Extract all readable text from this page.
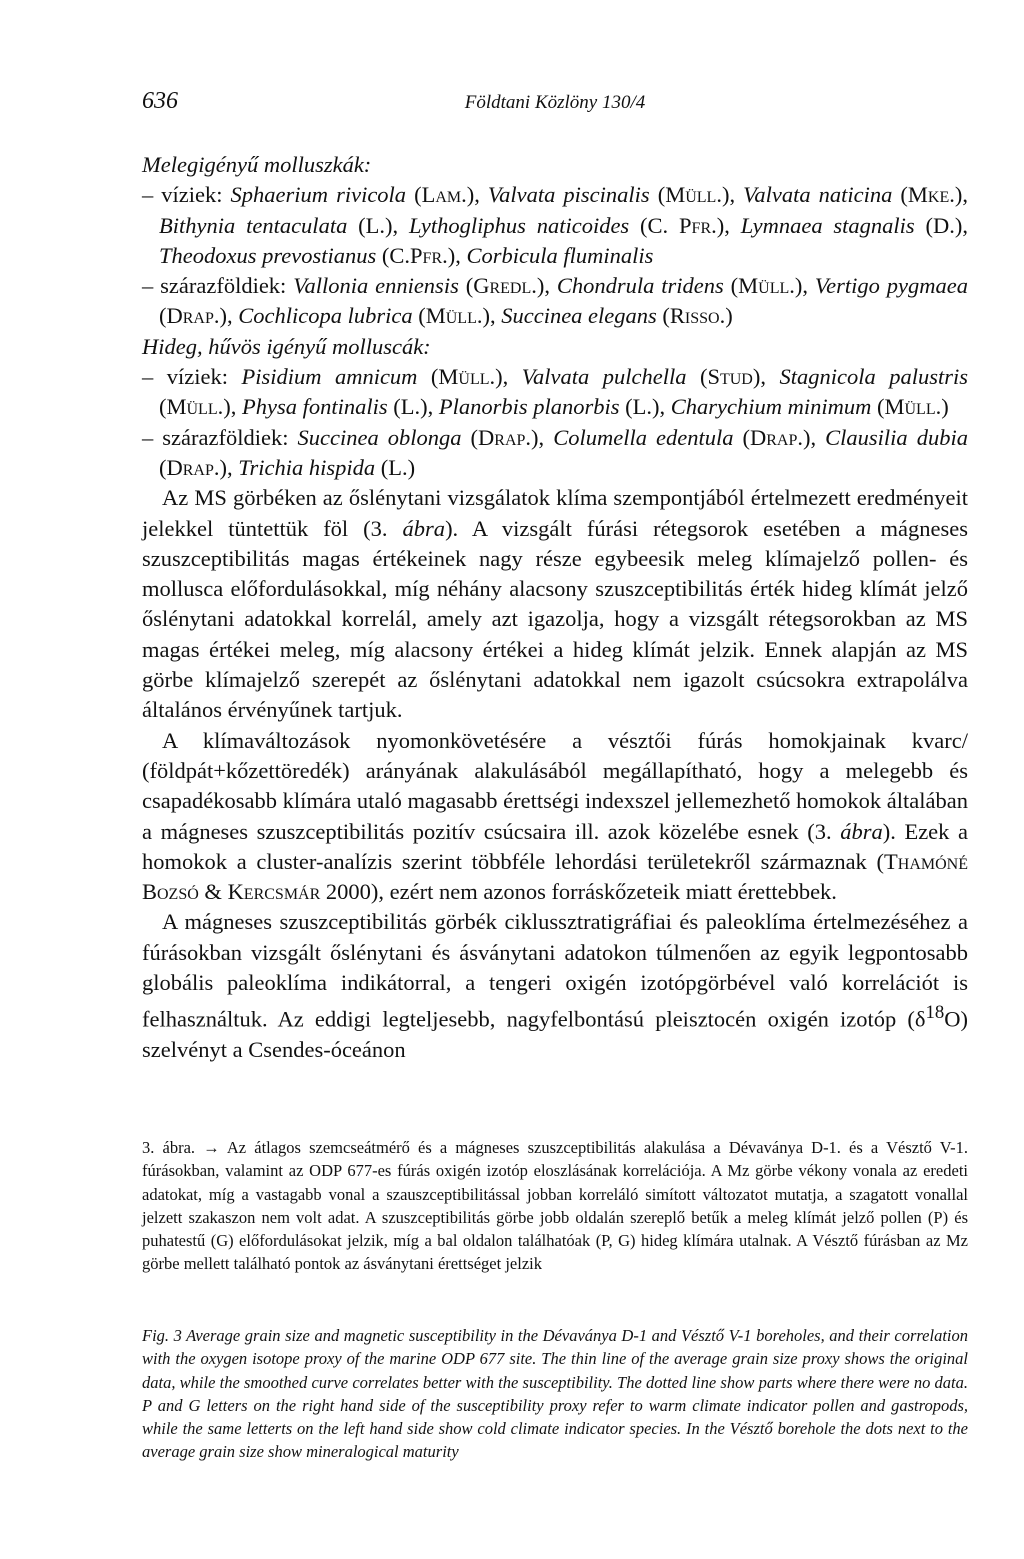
636	Földtani Közlöny 130/4

Melegigényű molluszkák:

– víziek: Sphaerium rivicola (Lam.), Valvata piscinalis (Müll.), Valvata naticina (Mke.), Bithynia tentaculata (L.), Lythogliphus naticoides (C. Pfr.), Lymnaea stagnalis (D.), Theodoxus prevostianus (C.Pfr.), Corbicula fluminalis

– szárazföldiek: Vallonia enniensis (Gredl.), Chondrula tridens (Müll.), Vertigo pygmaea (Drap.), Cochlicopa lubrica (Müll.), Succinea elegans (Risso.)

Hideg, hűvös igényű molluscák:

– víziek: Pisidium amnicum (Müll.), Valvata pulchella (Stud), Stagnicola palustris (Müll.), Physa fontinalis (L.), Planorbis planorbis (L.), Charychium minimum (Müll.)

– szárazföldiek: Succinea oblonga (Drap.), Columella edentula (Drap.), Clausilia dubia (Drap.), Trichia hispida (L.)

Az MS görbéken az őslénytani vizsgálatok klíma szempontjából értelmezett eredményeit jelekkel tüntettük föl (3. ábra). A vizsgált fúrási rétegsorok esetében a mágneses szuszceptibilitás magas értékeinek nagy része egybeesik meleg klímajelző pollen- és mollusca előfordulásokkal, míg néhány alacsony szuszceptibilitás érték hideg klímát jelző őslénytani adatokkal korrelál, amely azt igazolja, hogy a vizsgált rétegsorokban az MS magas értékei meleg, míg alacsony értékei a hideg klímát jelzik. Ennek alapján az MS görbe klímajelző szerepét az őslénytani adatokkal nem igazolt csúcsokra extrapolálva általános érvényűnek tartjuk.

A klímaváltozások nyomonkövetésére a vésztői fúrás homokjainak kvarc/ (földpát+kőzettöredék) arányának alakulásából megállapítható, hogy a melegebb és csapadékosabb klímára utaló magasabb érettségi indexszel jellemezhető homokok általában a mágneses szuszceptibilitás pozitív csúcsaira ill. azok közelébe esnek (3. ábra). Ezek a homokok a cluster-analízis szerint többféle lehordási területekről származnak (Thamóné Bozsó & Kercsmár 2000), ezért nem azonos forráskőzeteik miatt érettebbek.

A mágneses szuszceptibilitás görbék ciklussztratigráfiai és paleoklíma értelmezéséhez a fúrásokban vizsgált őslénytani és ásványtani adatokon túlmenően az egyik legpontosabb globális paleoklíma indikátorral, a tengeri oxigén izotópgörbével való korrelációt is felhasználtuk. Az eddigi legteljesebb, nagyfelbontású pleisztocén oxigén izotóp $(\delta^{18}O)$ szelvényt a Csendes-óceánon

3. ábra. → Az átlagos szemcseátmérő és a mágneses szuszceptibilitás alakulása a Dévaványa D-1. és a Vésztő V-1. fúrásokban, valamint az ODP 677-es fúrás oxigén izotóp eloszlásának korrelációja. A Mz görbe vékony vonala az eredeti adatokat, míg a vastagabb vonal a szauszceptibilitással jobban korreláló simított változatot mutatja, a szagatott vonallal jelzett szakaszon nem volt adat. A szuszceptibilitás görbe jobb oldalán szereplő betűk a meleg klímát jelző pollen (P) és puhatestű (G) előfordulásokat jelzik, míg a bal oldalon találhatóak (P, G) hideg klímára utalnak. A Vésztő fúrásban az Mz görbe mellett található pontok az ásványtani érettséget jelzik
Fig. 3 Average grain size and magnetic susceptibility in the Dévaványa D-1 and Vésztő V-1 boreholes, and their correlation with the oxygen isotope proxy of the marine ODP 677 site. The thin line of the average grain size proxy shows the original data, while the smoothed curve correlates better with the susceptibility. The dotted line show parts where there were no data. P and G letters on the right hand side of the susceptibility proxy refer to warm climate indicator pollen and gastropods, while the same letterts on the left hand side show cold climate indicator species. In the Vésztő borehole the dots next to the average grain size show mineralogical maturity
